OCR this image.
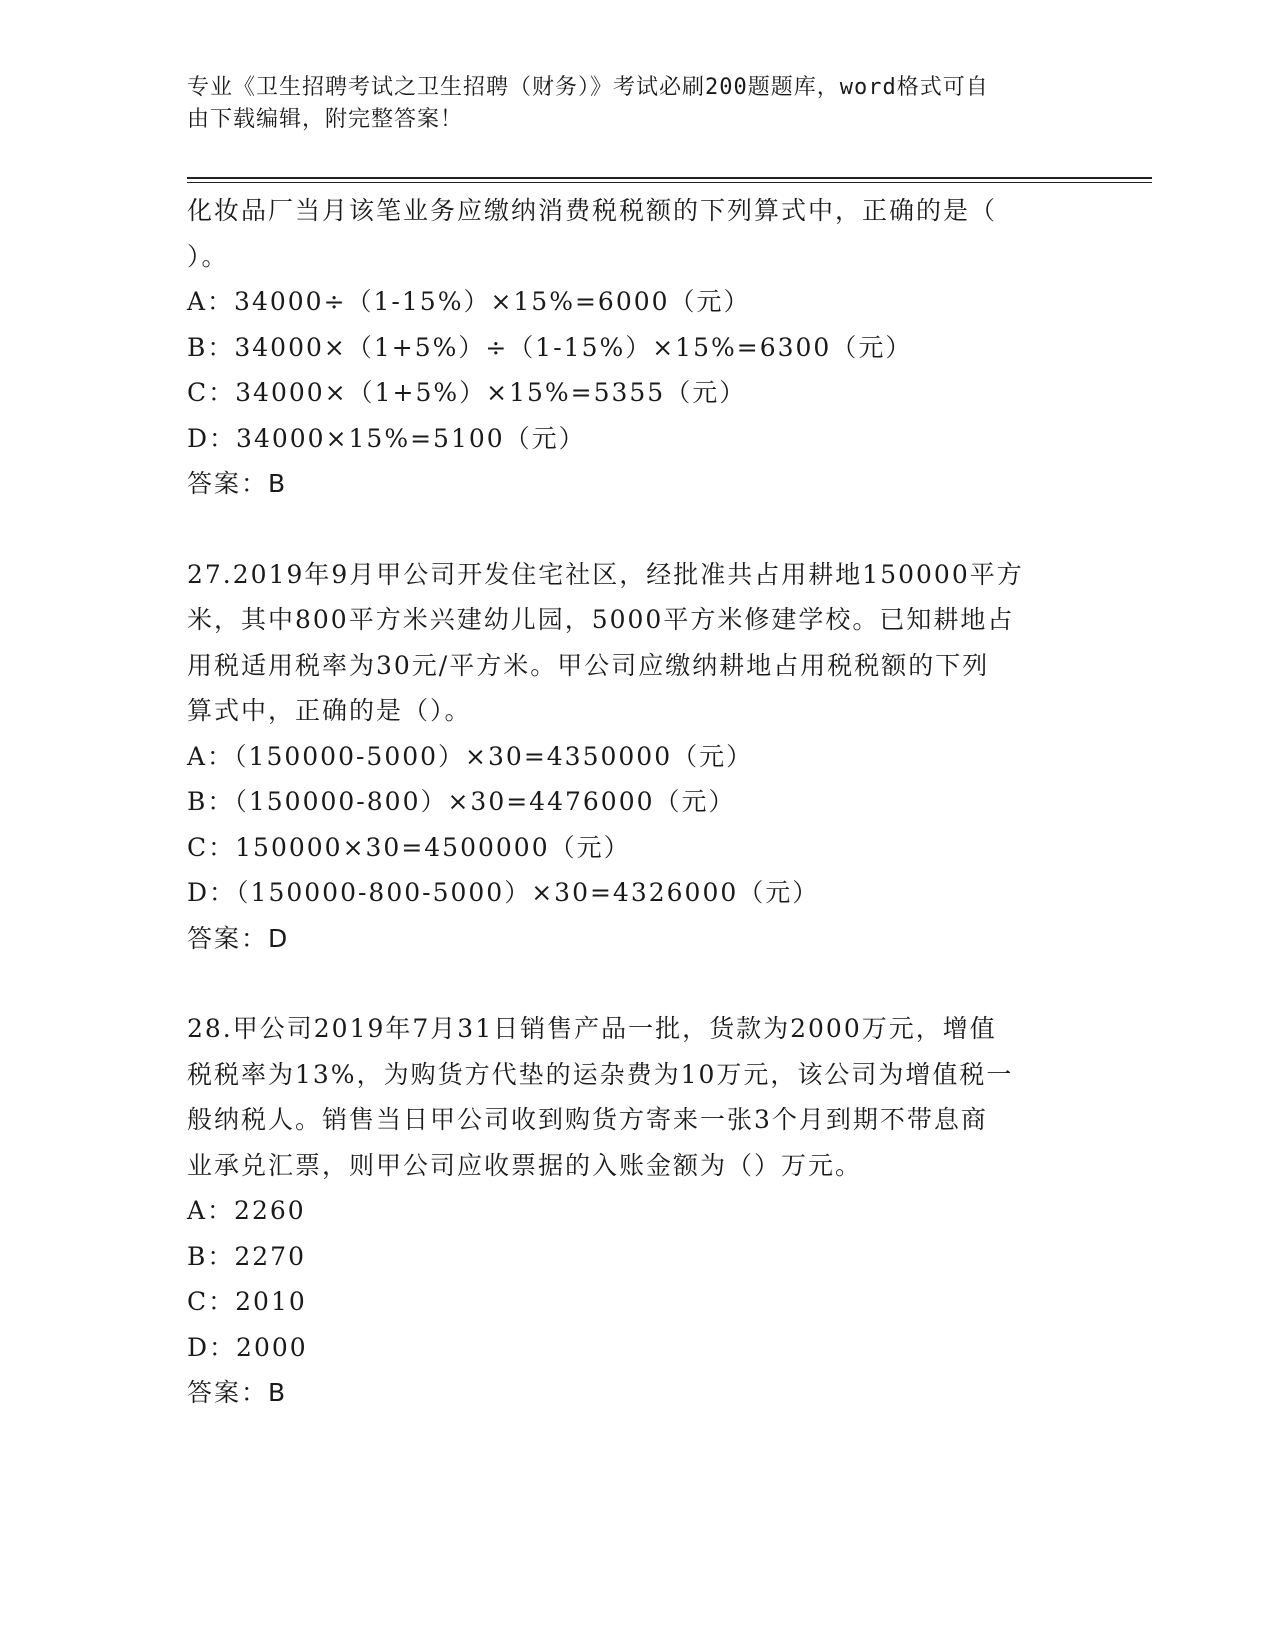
专业《卫生招聘考试之卫生招聘（财务）》考试必刷200题题库，word格式可自
由下载编辑，附完整答案！

化妆品厂当月该笔业务应缴纳消费税税额的下列算式中，正确的是（

）。

A：34000÷（1-15%）×15%=6000（元）

B：34000×（1+5%）÷（1-15%）×15%=6300（元）

C：34000×（1+5%）×15%=5355（元）

D：34000×15%=5100（元）

答案：B

27.2019年9月甲公司开发住宅社区，经批准共占用耕地150000平方

米，其中800平方米兴建幼儿园，5000平方米修建学校。已知耕地占

用税适用税率为30元/平方米。甲公司应缴纳耕地占用税税额的下列

算式中，正确的是（）。

A：（150000-5000）×30=4350000（元）

B：（150000-800）×30=4476000（元）

C：150000×30=4500000（元）

D：（150000-800-5000）×30=4326000（元）

答案：D

28.甲公司2019年7月31日销售产品一批，货款为2000万元，增值

税税率为13%，为购货方代垫的运杂费为10万元，该公司为增值税一

般纳税人。销售当日甲公司收到购货方寄来一张3个月到期不带息商

业承兑汇票，则甲公司应收票据的入账金额为（）万元。

A：2260

B：2270

C：2010

D：2000

答案：B
